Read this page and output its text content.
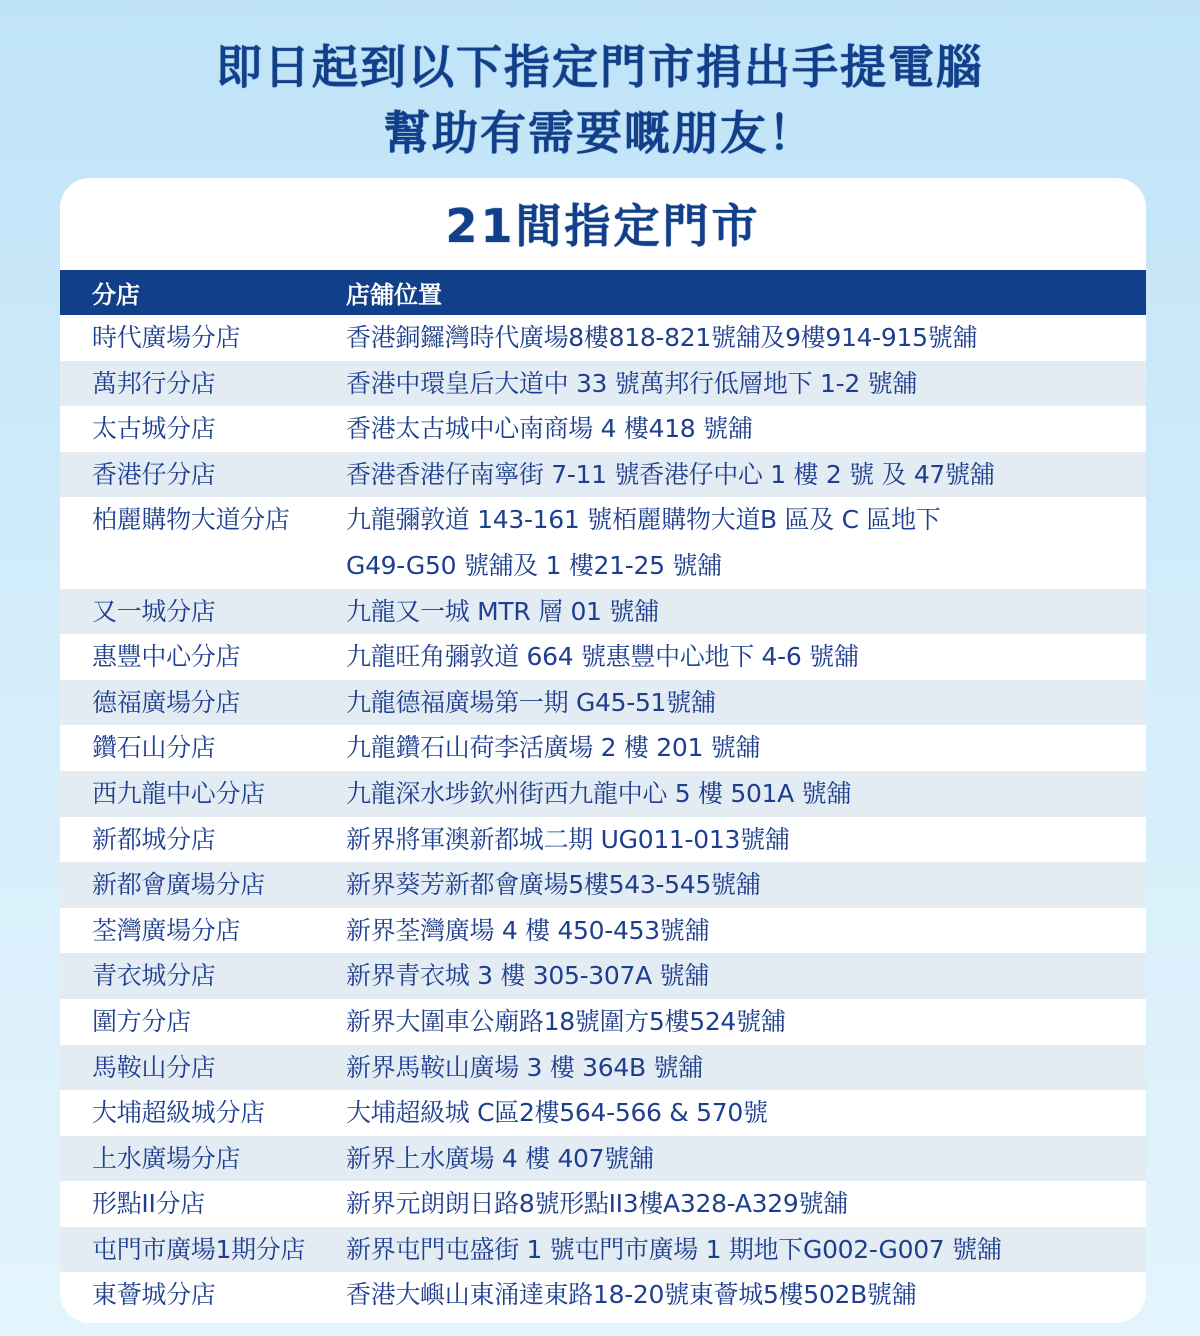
即日起到以下指定門市捐出手提電腦
幫助有需要嘅朋友！
21間指定門市
分店	店舖位置
時代廣場分店	香港銅鑼灣時代廣場8樓818-821號舖及9樓914-915號舖
萬邦行分店	香港中環皇后大道中 33 號萬邦行低層地下 1-2 號舖
太古城分店	香港太古城中心南商場 4 樓418 號舖
香港仔分店	香港香港仔南寧街 7-11 號香港仔中心 1 樓 2 號 及 47號舖
柏麗購物大道分店	九龍彌敦道 143-161 號栢麗購物大道B 區及 C 區地下
G49-G50 號舖及 1 樓21-25 號舖
又一城分店	九龍又一城 MTR 層 01 號舖
惠豐中心分店	九龍旺角彌敦道 664 號惠豐中心地下 4-6 號舖
德福廣場分店	九龍德福廣場第一期 G45-51號舖
鑽石山分店	九龍鑽石山荷李活廣場 2 樓 201 號舖
西九龍中心分店	九龍深水埗欽州街西九龍中心 5 樓 501A 號舖
新都城分店	新界將軍澳新都城二期 UG011-013號舖
新都會廣場分店	新界葵芳新都會廣場5樓543-545號舖
荃灣廣場分店	新界荃灣廣場 4 樓 450-453號舖
青衣城分店	新界青衣城 3 樓 305-307A 號舖
圍方分店	新界大圍車公廟路18號圍方5樓524號舖
馬鞍山分店	新界馬鞍山廣場 3 樓 364B 號舖
大埔超級城分店	大埔超級城 C區2樓564-566 & 570號
上水廣場分店	新界上水廣場 4 樓 407號舖
形點II分店	新界元朗朗日路8號形點II3樓A328-A329號舖
屯門市廣場1期分店	新界屯門屯盛街 1 號屯門市廣場 1 期地下G002-G007 號舖
東薈城分店	香港大嶼山東涌達東路18-20號東薈城5樓502B號舖
